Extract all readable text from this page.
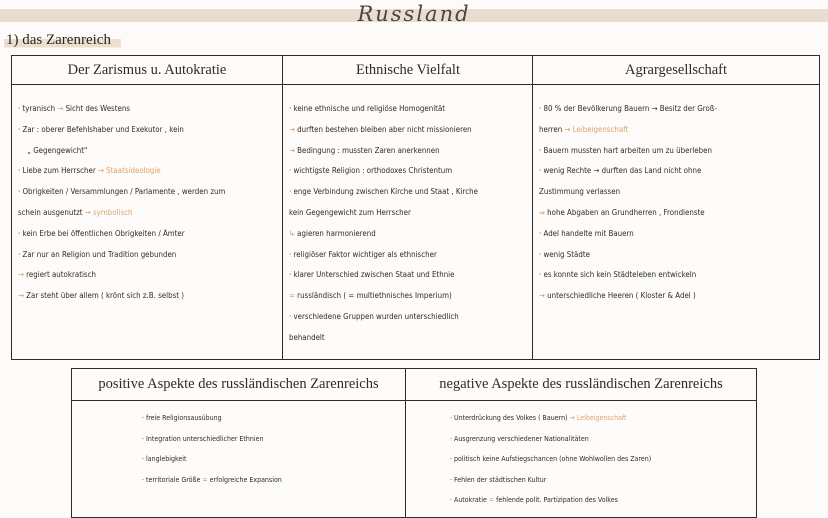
Russland
1) das Zarenreich
Der Zarismus u. Autokratie
· tyranisch → Sicht des Westens
· Zar : oberer Befehlshaber und Exekutor , kein
„ Gegengewicht"
· Liebe zum Herrscher → Staatsideologie
· Obrigkeiten / Versammlungen / Parlamente , werden zum
schein ausgenutzt → symbolisch
· kein Erbe bei öffentlichen Obrigkeiten / Ämter
· Zar nur an Religion und Tradition gebunden
→ regiert autokratisch
→ Zar steht über allem ( krönt sich z.B. selbst )
Ethnische Vielfalt
· keine ethnische und religiöse Homogenität
→ durften bestehen bleiben aber nicht missionieren
→ Bedingung : mussten Zaren anerkennen
· wichtigste Religion : orthodoxes Christentum
· enge Verbindung zwischen Kirche und Staat , Kirche
kein Gegengewicht zum Herrscher
↳ agieren harmonierend
· religiöser Faktor wichtiger als ethnischer
· klarer Unterschied zwischen Staat und Ethnie
= russländisch ( = multiethnisches Imperium)
· verschiedene Gruppen wurden unterschiedlich
behandelt
Agrargesellschaft
· 80 % der Bevölkerung Bauern → Besitz der Groß-
herren → Leibeigenschaft
· Bauern mussten hart arbeiten um zu überleben
· wenig Rechte → durften das Land nicht ohne
Zustimmung verlassen
⇒ hohe Abgaben an Grundherren , Frondienste
· Adel handelte mit Bauern
· wenig Städte
· es konnte sich kein Städteleben entwickeln
→ unterschiedliche Heeren ( Kloster & Adel )
positive Aspekte des russländischen Zarenreichs
· freie Religionsausübung
· Integration unterschiedlicher Ethnien
· langlebigkeit
· territoriale Größe = erfolgreiche Expansion
negative Aspekte des russländischen Zarenreichs
· Unterdrückung des Volkes ( Bauern) → Leibeigenschaft
· Ausgrenzung verschiedener Nationalitäten
· politisch keine Aufstiegschancen (ohne Wohlwollen des Zaren)
· Fehlen der städtischen Kultur
· Autokratie = fehlende polit. Partizipation des Volkes
